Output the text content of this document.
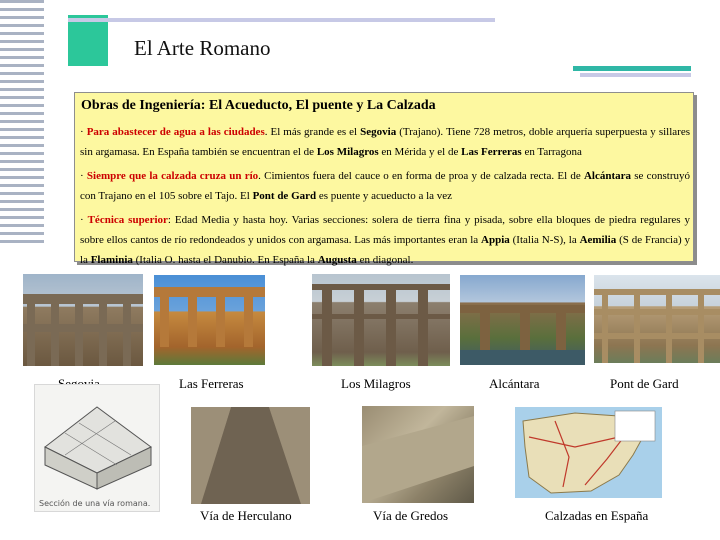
El Arte Romano
Obras de Ingeniería: El Acueducto, El puente y La Calzada
· Para abastecer de agua a las ciudades. El más grande es el Segovia (Trajano). Tiene 728 metros, doble arquería superpuesta y sillares sin argamasa. En España también se encuentran el de Los Milagros en Mérida y el de Las Ferreras en Tarragona
· Siempre que la calzada cruza un río. Cimientos fuera del cauce o en forma de proa y de calzada recta. El de Alcántara se construyó con Trajano en el 105 sobre el Tajo. El Pont de Gard es puente y acueducto a la vez
· Técnica superior: Edad Media y hasta hoy. Varias secciones: solera de tierra fina y pisada, sobre ella bloques de piedra regulares y sobre ellos cantos de río redondeados y unidos con argamasa. Las más importantes eran la Appia (Italia N-S), la Aemilia (S de Francia) y la Flaminia (Italia O. hasta el Danubio. En España la Augusta en diagonal.
Las Ferreras	Los Milagros	Alcántara	Pont de Gard
Sección de una vía romana.
Vía de Herculano	Vía de Gredos	Calzadas en España
